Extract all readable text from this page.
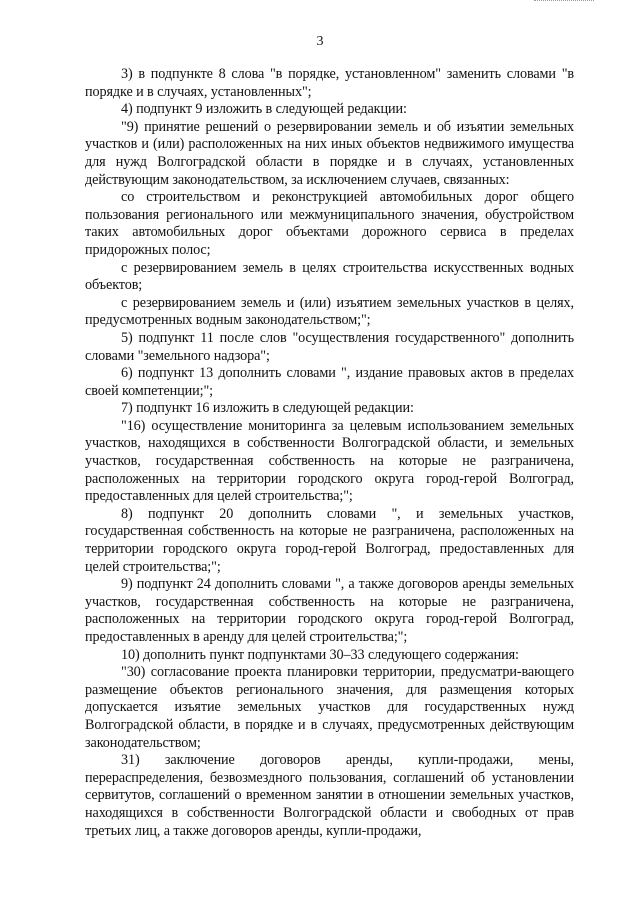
3

3) в подпункте 8 слова "в порядке, установленном" заменить словами "в порядке и в случаях, установленных";

4) подпункт 9 изложить в следующей редакции:

"9) принятие решений о резервировании земель и об изъятии земельных участков и (или) расположенных на них иных объектов недвижимого имущества для нужд Волгоградской области в порядке и в случаях, установленных действующим законодательством, за исключением случаев, связанных:

со строительством и реконструкцией автомобильных дорог общего пользования регионального или межмуниципального значения, обустройством таких автомобильных дорог объектами дорожного сервиса в пределах придорожных полос;

с резервированием земель в целях строительства искусственных водных объектов;

с резервированием земель и (или) изъятием земельных участков в целях, предусмотренных водным законодательством;";

5) подпункт 11 после слов "осуществления государственного" дополнить словами "земельного надзора";

6) подпункт 13 дополнить словами ", издание правовых актов в пределах своей компетенции;";

7) подпункт 16 изложить в следующей редакции:

"16) осуществление мониторинга за целевым использованием земельных участков, находящихся в собственности Волгоградской области, и земельных участков, государственная собственность на которые не разграничена, расположенных на территории городского округа город-герой Волгоград, предоставленных для целей строительства;";

8) подпункт 20 дополнить словами ", и земельных участков, государственная собственность на которые не разграничена, расположенных на территории городского округа город-герой Волгоград, предоставленных для целей строительства;";

9) подпункт 24 дополнить словами ", а также договоров аренды земельных участков, государственная собственность на которые не разграничена, расположенных на территории городского округа город-герой Волгоград, предоставленных в аренду для целей строительства;";

10) дополнить пункт подпунктами 30–33 следующего содержания:

"30) согласование проекта планировки территории, предусматри-вающего размещение объектов регионального значения, для размещения которых допускается изъятие земельных участков для государственных нужд Волгоградской области, в порядке и в случаях, предусмотренных действующим законодательством;

31) заключение договоров аренды, купли-продажи, мены, перераспределения, безвозмездного пользования, соглашений об установлении сервитутов, соглашений о временном занятии в отношении земельных участков, находящихся в собственности Волгоградской области и свободных от прав третьих лиц, а также договоров аренды, купли-продажи,
